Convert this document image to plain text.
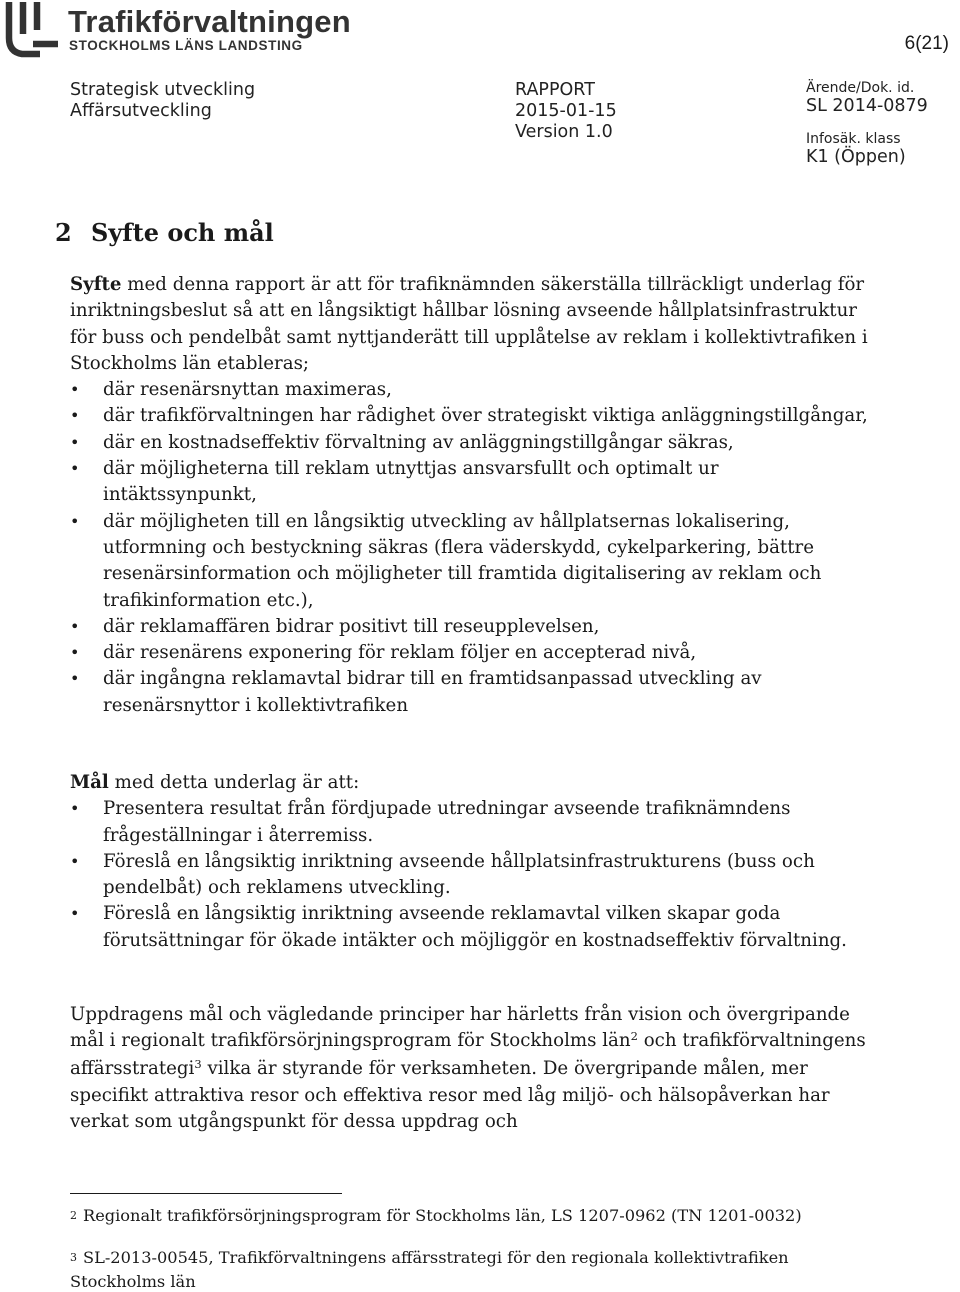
Trafikförvaltningen
STOCKHOLMS LÄNS LANDSTING	6(21)
Strategisk utveckling
Affärsutveckling
RAPPORT
2015-01-15
Version 1.0
Ärende/Dok. id.
SL 2014-0879
Infosäk. klass
K1 (Öppen)
2 Syfte och mål

Syfte med denna rapport är att för trafiknämnden säkerställa tillräckligt underlag för inriktningsbeslut så att en långsiktigt hållbar lösning avseende hållplatsinfrastruktur för buss och pendelbåt samt nyttjanderätt till upplåtelse av reklam i kollektivtrafiken i Stockholms län etableras;

• där resenärsnyttan maximeras,
• där trafikförvaltningen har rådighet över strategiskt viktiga anläggningstillgångar,
• där en kostnadseffektiv förvaltning av anläggningstillgångar säkras,
• där möjligheterna till reklam utnyttjas ansvarsfullt och optimalt ur intäktssynpunkt,
• där möjligheten till en långsiktig utveckling av hållplatsernas lokalisering, utformning och bestyckning säkras (flera väderskydd, cykelparkering, bättre resenärsinformation och möjligheter till framtida digitalisering av reklam och trafikinformation etc.),
• där reklamaffären bidrar positivt till reseupplevelsen,
• där resenärens exponering för reklam följer en accepterad nivå,
• där ingångna reklamavtal bidrar till en framtidsanpassad utveckling av resenärsnyttor i kollektivtrafiken

Mål med detta underlag är att:

• Presentera resultat från fördjupade utredningar avseende trafiknämndens frågeställningar i återremiss.
• Föreslå en långsiktig inriktning avseende hållplatsinfrastrukturens (buss och pendelbåt) och reklamens utveckling.
• Föreslå en långsiktig inriktning avseende reklamavtal vilken skapar goda förutsättningar för ökade intäkter och möjliggör en kostnadseffektiv förvaltning.

Uppdragens mål och vägledande principer har härletts från vision och övergripande mål i regionalt trafikförsörjningsprogram för Stockholms län$^2$ och trafikförvaltningens affärsstrategi$^3$ vilka är styrande för verksamheten. De övergripande målen, mer specifikt attraktiva resor och effektiva resor med låg miljö- och hälsopåverkan har verkat som utgångspunkt för dessa uppdrag och

$^2$ Regionalt trafikförsörjningsprogram för Stockholms län, LS 1207-0962 (TN 1201-0032)
$^3$ SL-2013-00545, Trafikförvaltningens affärsstrategi för den regionala kollektivtrafiken Stockholms län
